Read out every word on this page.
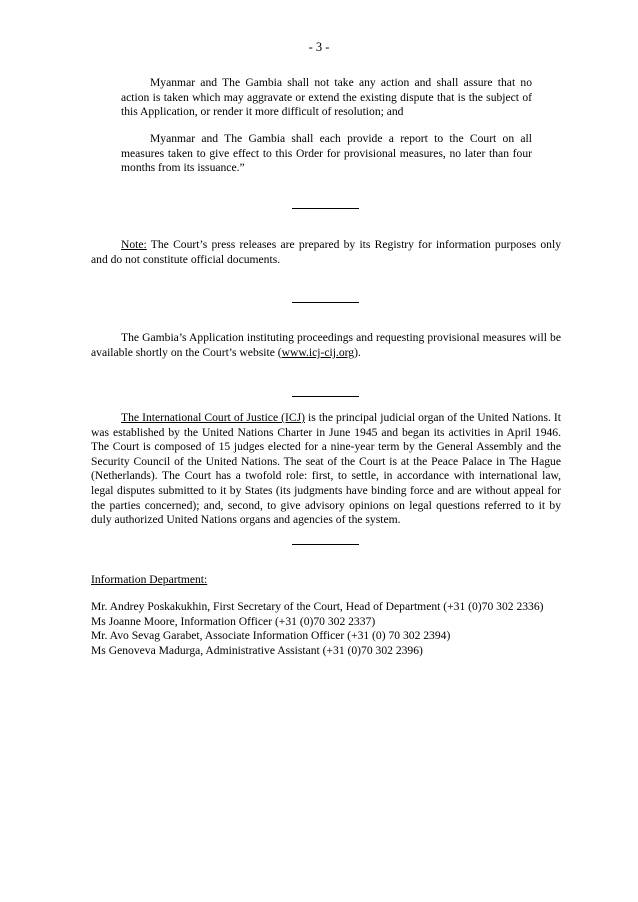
- 3 -

Myanmar and The Gambia shall not take any action and shall assure that no action is taken which may aggravate or extend the existing dispute that is the subject of this Application, or render it more difficult of resolution; and

Myanmar and The Gambia shall each provide a report to the Court on all measures taken to give effect to this Order for provisional measures, no later than four months from its issuance.”

Note: The Court’s press releases are prepared by its Registry for information purposes only and do not constitute official documents.

The Gambia’s Application instituting proceedings and requesting provisional measures will be available shortly on the Court’s website (www.icj-cij.org).

The International Court of Justice (ICJ) is the principal judicial organ of the United Nations. It was established by the United Nations Charter in June 1945 and began its activities in April 1946. The Court is composed of 15 judges elected for a nine-year term by the General Assembly and the Security Council of the United Nations. The seat of the Court is at the Peace Palace in The Hague (Netherlands). The Court has a twofold role: first, to settle, in accordance with international law, legal disputes submitted to it by States (its judgments have binding force and are without appeal for the parties concerned); and, second, to give advisory opinions on legal questions referred to it by duly authorized United Nations organs and agencies of the system.

Information Department:
Mr. Andrey Poskakukhin, First Secretary of the Court, Head of Department (+31 (0)70 302 2336)
Ms Joanne Moore, Information Officer (+31 (0)70 302 2337)
Mr. Avo Sevag Garabet, Associate Information Officer (+31 (0) 70 302 2394)
Ms Genoveva Madurga, Administrative Assistant (+31 (0)70 302 2396)
